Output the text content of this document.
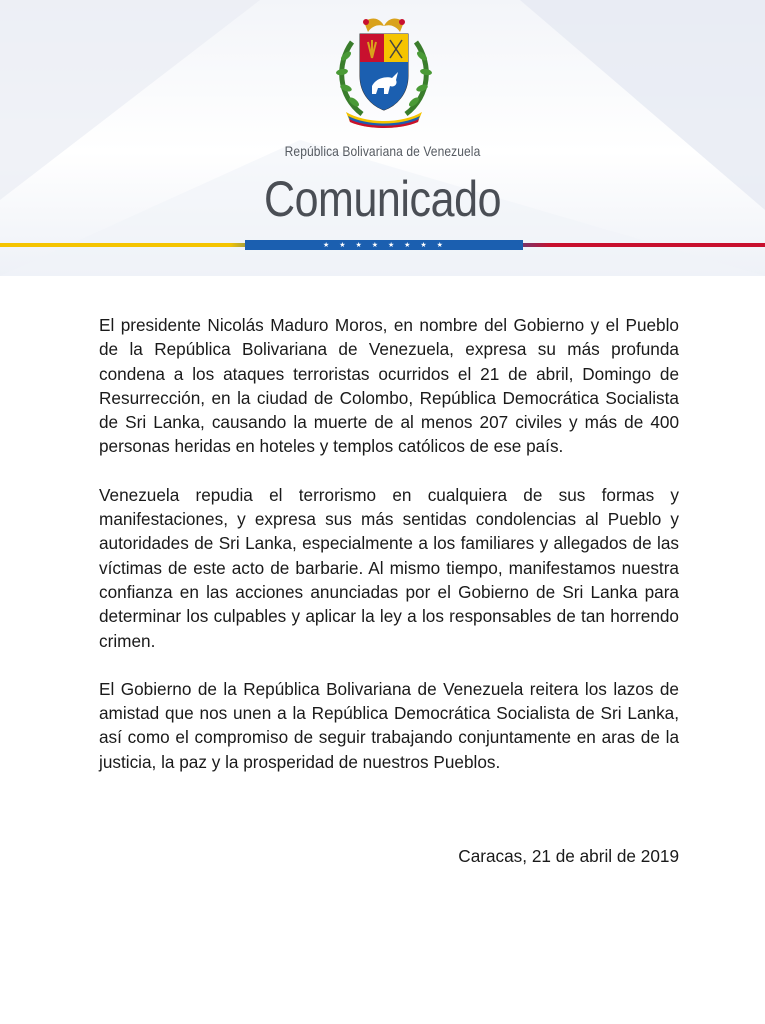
República Bolivariana de Venezuela
Comunicado
★ ★ ★ ★ ★ ★ ★ ★

El presidente Nicolás Maduro Moros, en nombre del Gobierno y el Pueblo de la República Bolivariana de Venezuela, expresa su más profunda condena a los ataques terroristas ocurridos el 21 de abril, Domingo de Resurrección, en la ciudad de Colombo, República Democrática Socialista de Sri Lanka, causando la muerte de al menos 207 civiles y más de 400 personas heridas en hoteles y templos católicos de ese país.

Venezuela repudia el terrorismo en cualquiera de sus formas y manifestaciones, y expresa sus más sentidas condolencias al Pueblo y autoridades de Sri Lanka, especialmente a los familiares y allegados de las víctimas de este acto de barbarie. Al mismo tiempo, manifestamos nuestra confianza en las acciones anunciadas por el Gobierno de Sri Lanka para determinar los culpables y aplicar la ley a los responsables de tan horrendo crimen.

El Gobierno de la República Bolivariana de Venezuela reitera los lazos de amistad que nos unen a la República Democrática Socialista de Sri Lanka, así como el compromiso de seguir trabajando conjuntamente en aras de la justicia, la paz y la prosperidad de nuestros Pueblos.

Caracas, 21 de abril de 2019
